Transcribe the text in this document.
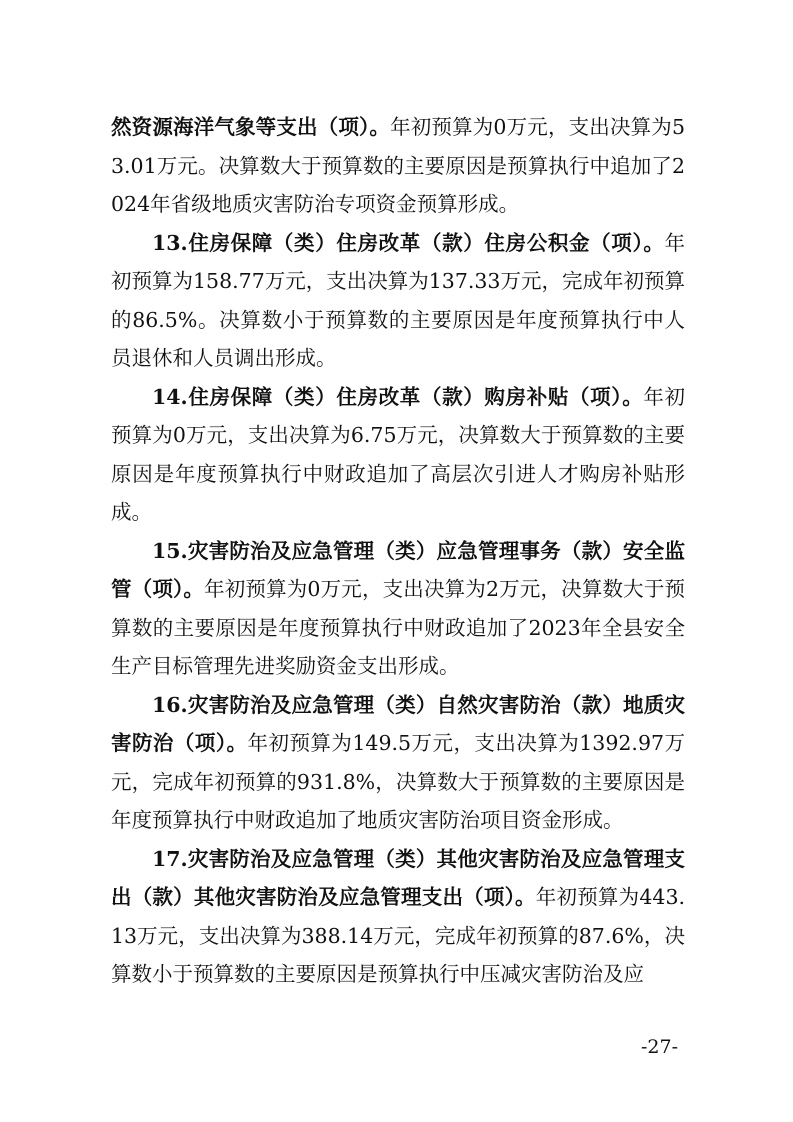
然资源海洋气象等支出（项）。年初预算为0万元，支出决算为53.01万元。决算数大于预算数的主要原因是预算执行中追加了2024年省级地质灾害防治专项资金预算形成。

13.住房保障（类）住房改革（款）住房公积金（项）。年初预算为158.77万元，支出决算为137.33万元，完成年初预算的86.5%。决算数小于预算数的主要原因是年度预算执行中人员退休和人员调出形成。

14.住房保障（类）住房改革（款）购房补贴（项）。年初预算为0万元，支出决算为6.75万元，决算数大于预算数的主要原因是年度预算执行中财政追加了高层次引进人才购房补贴形成。

15.灾害防治及应急管理（类）应急管理事务（款）安全监管（项）。年初预算为0万元，支出决算为2万元，决算数大于预算数的主要原因是年度预算执行中财政追加了2023年全县安全生产目标管理先进奖励资金支出形成。

16.灾害防治及应急管理（类）自然灾害防治（款）地质灾害防治（项）。年初预算为149.5万元，支出决算为1392.97万元，完成年初预算的931.8%，决算数大于预算数的主要原因是年度预算执行中财政追加了地质灾害防治项目资金形成。

17.灾害防治及应急管理（类）其他灾害防治及应急管理支出（款）其他灾害防治及应急管理支出（项）。年初预算为443.13万元，支出决算为388.14万元，完成年初预算的87.6%，决算数小于预算数的主要原因是预算执行中压减灾害防治及应

-27-
